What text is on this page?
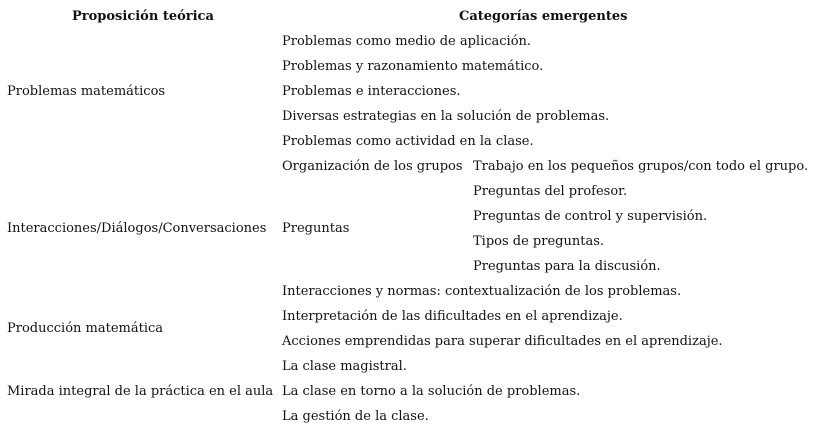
Proposición teórica	Categorías emergentes
Problemas matemáticos
Problemas como medio de aplicación.
Problemas y razonamiento matemático.
Problemas e interacciones.
Diversas estrategias en la solución de problemas.
Problemas como actividad en la clase.
Interacciones/Diálogos/Conversaciones
Organización de los grupos Trabajo en los pequeños grupos/con todo el grupo.
Preguntas
Preguntas del profesor.
Preguntas de control y supervisión.
Tipos de preguntas.
Preguntas para la discusión.
Producción matemática
Interacciones y normas: contextualización de los problemas.
Interpretación de las dificultades en el aprendizaje.
Acciones emprendidas para superar dificultades en el aprendizaje.
Mirada integral de la práctica en el aula
La clase magistral.
La clase en torno a la solución de problemas.
La gestión de la clase.
